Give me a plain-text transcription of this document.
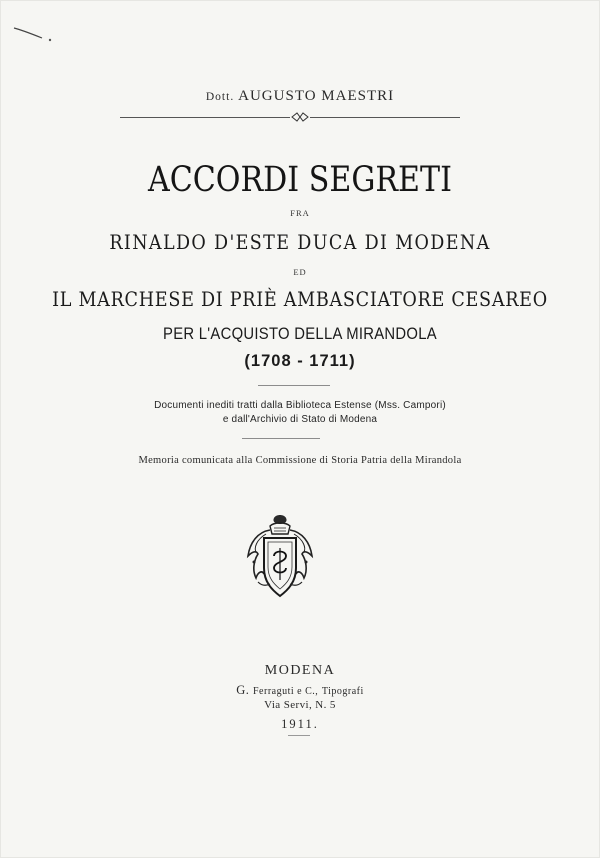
Dott. AUGUSTO MAESTRI
ACCORDI SEGRETI
FRA
RINALDO D'ESTE DUCA DI MODENA
ED
IL MARCHESE DI PRIÈ AMBASCIATORE CESAREO
PER L'ACQUISTO DELLA MIRANDOLA
(1708 - 1711)
Documenti inediti tratti dalla Biblioteca Estense (Mss. Campori)
e dall'Archivio di Stato di Modena
Memoria comunicata alla Commissione di Storia Patria della Mirandola
MODENA
G. Ferraguti e C., Tipografi
Via Servi, N. 5
1911.
